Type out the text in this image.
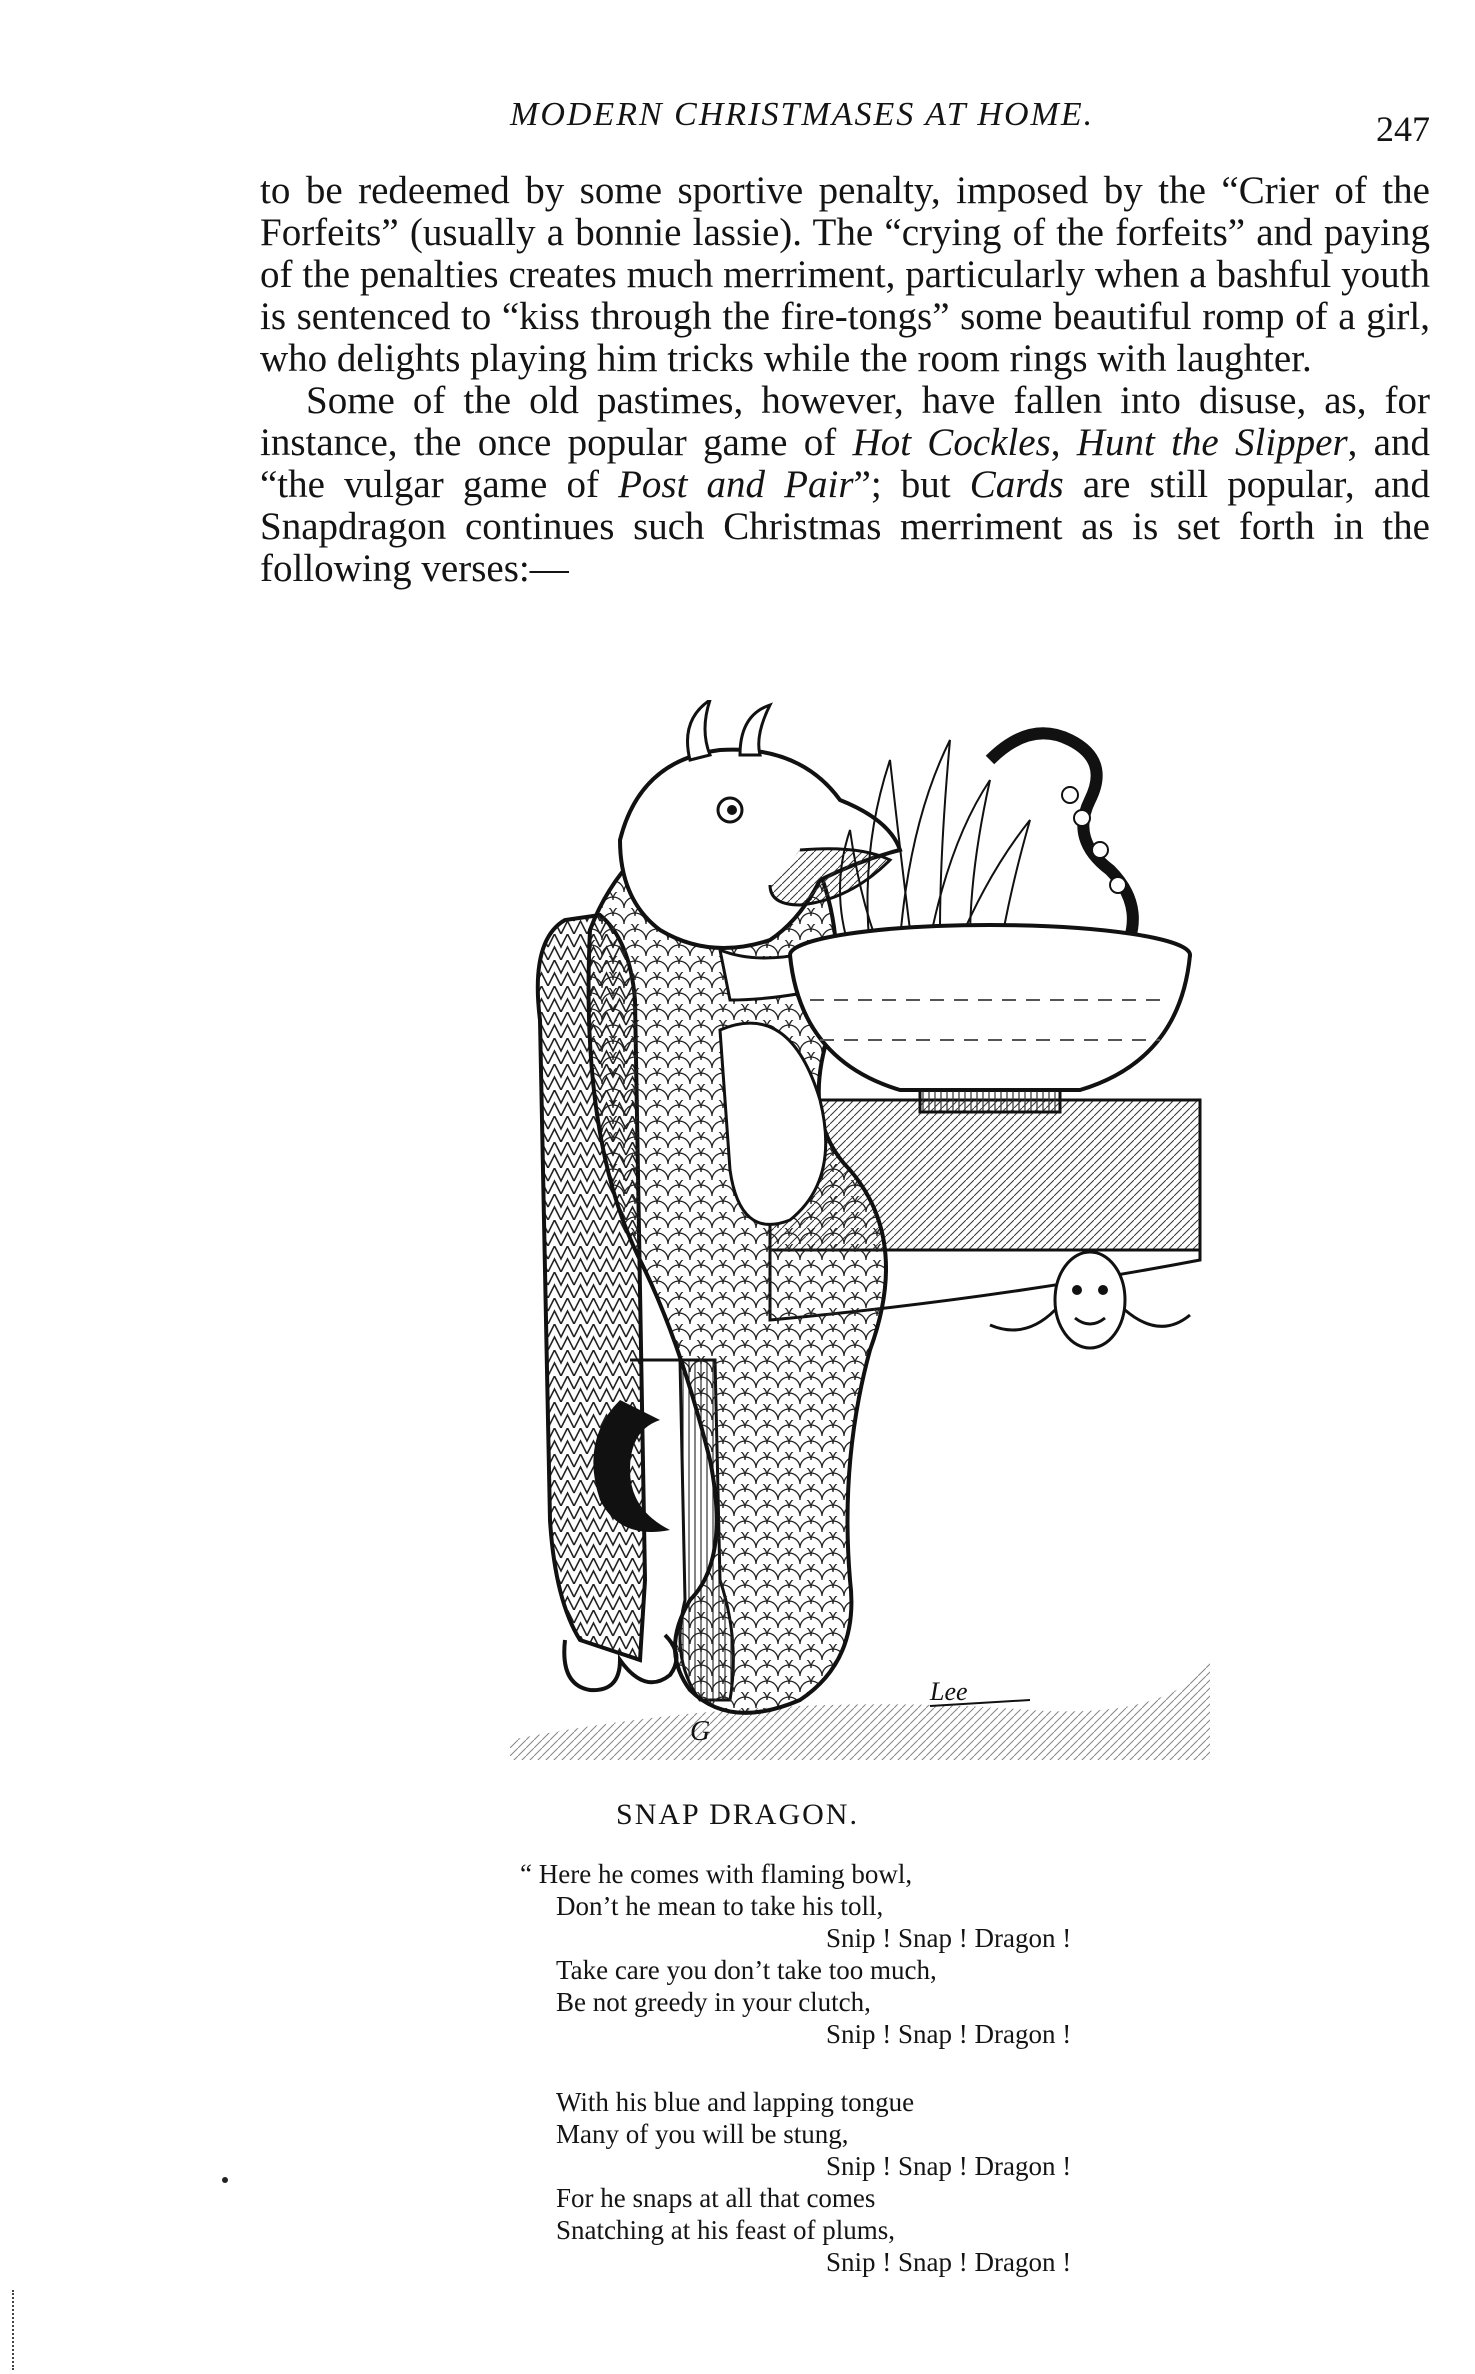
MODERN CHRISTMASES AT HOME.	247

to be redeemed by some sportive penalty, imposed by the “Crier of the Forfeits” (usually a bonnie lassie). The “crying of the forfeits” and paying of the penalties creates much merriment, particularly when a bashful youth is sentenced to “kiss through the fire-tongs” some beautiful romp of a girl, who delights playing him tricks while the room rings with laughter.

Some of the old pastimes, however, have fallen into disuse, as, for instance, the once popular game of Hot Cockles, Hunt the Slipper, and “the vulgar game of Post and Pair”; but Cards are still popular, and Snapdragon continues such Christmas merriment as is set forth in the following verses:—

Lee
G
SNAP DRAGON.
“ Here he comes with flaming bowl,
Don’t he mean to take his toll,
Snip ! Snap ! Dragon !
Take care you don’t take too much,
Be not greedy in your clutch,
Snip ! Snap ! Dragon !
With his blue and lapping tongue
Many of you will be stung,
Snip ! Snap ! Dragon !
For he snaps at all that comes
Snatching at his feast of plums,
Snip ! Snap ! Dragon !
